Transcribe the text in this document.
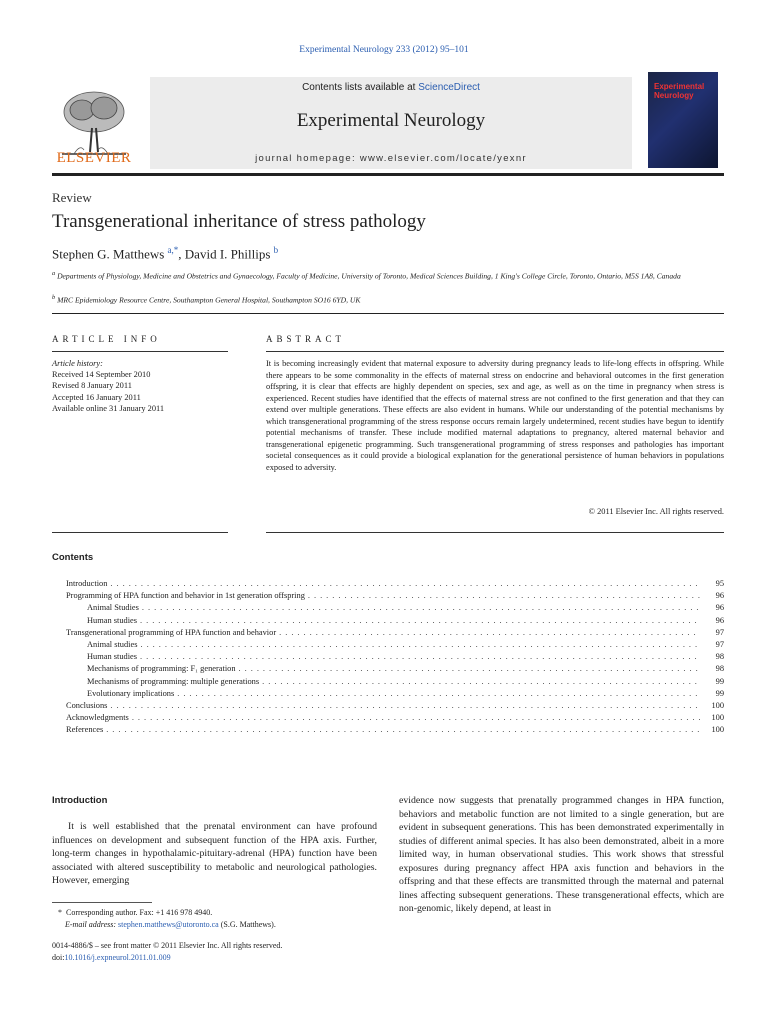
Experimental Neurology 233 (2012) 95–101
ELSEVIER
Contents lists available at ScienceDirect
Experimental Neurology
journal homepage: www.elsevier.com/locate/yexnr
Experimental Neurology
Review
Transgenerational inheritance of stress pathology
Stephen G. Matthews $^{a,*}$, David I. Phillips $^b$
$^a$ Departments of Physiology, Medicine and Obstetrics and Gynaecology, Faculty of Medicine, University of Toronto, Medical Sciences Building, 1 King's College Circle, Toronto, Ontario, M5S 1A8, Canada
$^b$ MRC Epidemiology Resource Centre, Southampton General Hospital, Southampton SO16 6YD, UK
ARTICLE INFO
Article history:
Received 14 September 2010
Revised 8 January 2011
Accepted 16 January 2011
Available online 31 January 2011
ABSTRACT
It is becoming increasingly evident that maternal exposure to adversity during pregnancy leads to life-long effects in offspring. While there appears to be some commonality in the effects of maternal stress on endocrine and behavioral outcomes in the first generation offspring, it is clear that effects are highly dependent on species, sex and age, as well as on the time in pregnancy when stress is experienced. Recent studies have identified that the effects of maternal stress are not confined to the first generation and that they can extend over multiple generations. These effects are also evident in humans. While our understanding of the potential mechanisms by which transgenerational programming of the stress response occurs remain largely undetermined, recent studies have begun to identify potential mechanisms of transfer. These include modified maternal adaptations to pregnancy, altered maternal behavior and transgenerational epigenetic programming. Such transgenerational programming of stress responses and pathologies has important societal consequences as it could provide a biological explanation for the generational persistence of human behaviors in populations exposed to adversity.
© 2011 Elsevier Inc. All rights reserved.
Contents
Introduction .....	95
Programming of HPA function and behavior in 1st generation offspring .....	96
Animal Studies .....	96
Human studies .....	96
Transgenerational programming of HPA function and behavior .....	97
Animal studies .....	97
Human studies .....	98
Mechanisms of programming: F₁ generation .....	98
Mechanisms of programming: multiple generations .....	99
Evolutionary implications .....	99
Conclusions .....	100
Acknowledgments .....	100
References .....	100
Introduction
It is well established that the prenatal environment can have profound influences on development and subsequent function of the HPA axis. Further, long-term changes in hypothalamic-pituitary-adrenal (HPA) function have been associated with altered susceptibility to metabolic and neurological pathologies. However, emerging
evidence now suggests that prenatally programmed changes in HPA function, behaviors and metabolic function are not limited to a single generation, but are evident in subsequent generations. This has been demonstrated experimentally in studies of different animal species. It has also been demonstrated, albeit in a more limited way, in human observational studies. This work shows that stressful exposures during pregnancy affect HPA axis function and behaviors in the offspring and that these effects are transmitted through the maternal and paternal lines affecting subsequent generations. These transgenerational effects, which are non-genomic, likely depend, at least in
* Corresponding author. Fax: +1 416 978 4940.
E-mail address: stephen.matthews@utoronto.ca (S.G. Matthews).
0014-4886/$ – see front matter © 2011 Elsevier Inc. All rights reserved.
doi:10.1016/j.expneurol.2011.01.009
